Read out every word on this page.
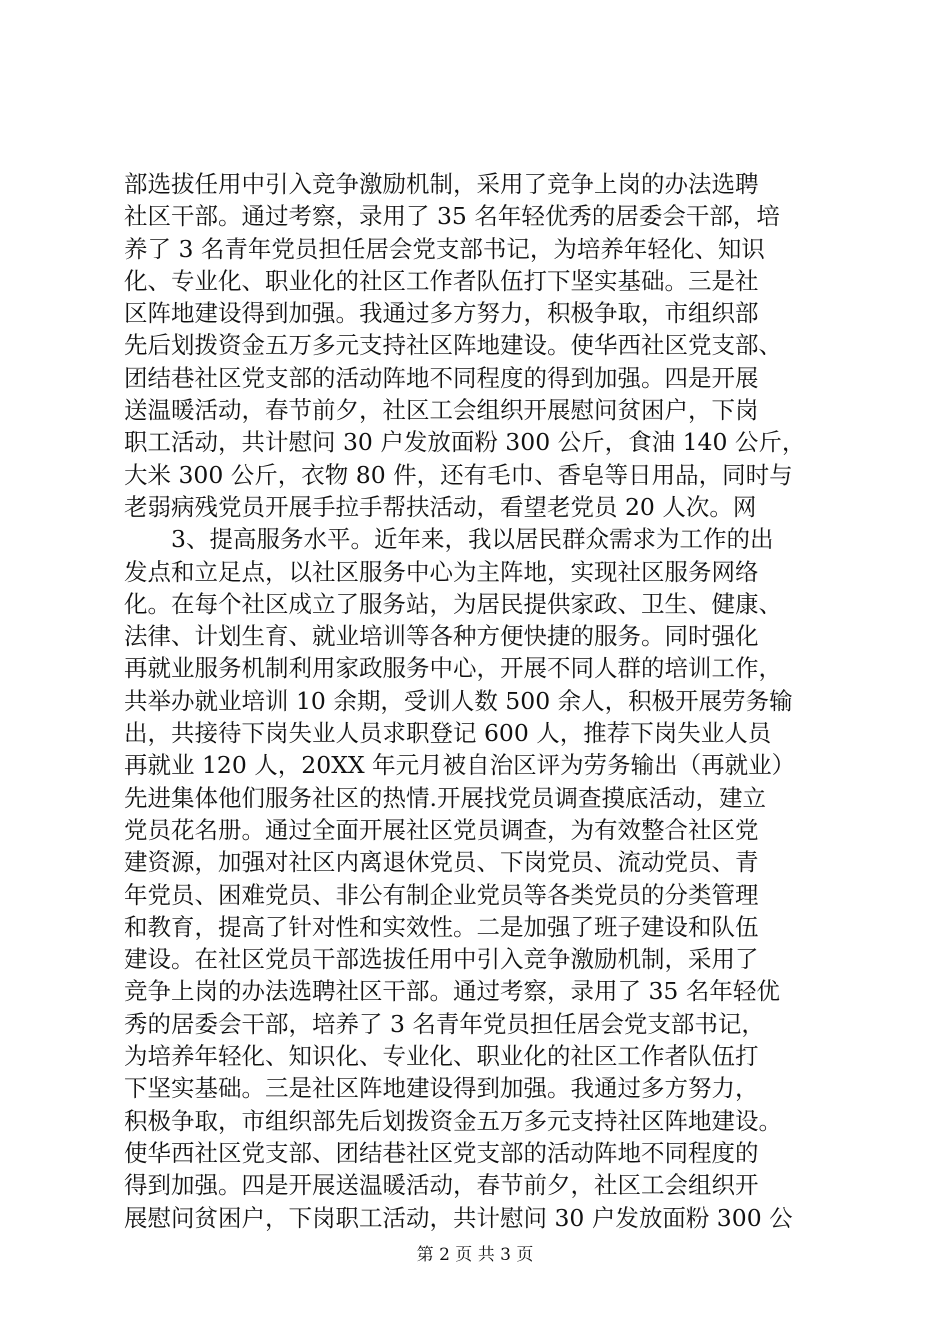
部选拔任用中引入竞争激励机制，采用了竞争上岗的办法选聘
社区干部。通过考察，录用了 35 名年轻优秀的居委会干部，培
养了 3 名青年党员担任居会党支部书记，为培养年轻化、知识
化、专业化、职业化的社区工作者队伍打下坚实基础。三是社
区阵地建设得到加强。我通过多方努力，积极争取，市组织部
先后划拨资金五万多元支持社区阵地建设。使华西社区党支部、
团结巷社区党支部的活动阵地不同程度的得到加强。四是开展
送温暖活动，春节前夕，社区工会组织开展慰问贫困户，下岗
职工活动，共计慰问 30 户发放面粉 300 公斤，食油 140 公斤，
大米 300 公斤，衣物 80 件，还有毛巾、香皂等日用品，同时与
老弱病残党员开展手拉手帮扶活动，看望老党员 20 人次。网
　　3、提高服务水平。近年来，我以居民群众需求为工作的出
发点和立足点，以社区服务中心为主阵地，实现社区服务网络
化。在每个社区成立了服务站，为居民提供家政、卫生、健康、
法律、计划生育、就业培训等各种方便快捷的服务。同时强化
再就业服务机制利用家政服务中心，开展不同人群的培训工作，
共举办就业培训 10 余期，受训人数 500 余人，积极开展劳务输
出，共接待下岗失业人员求职登记 600 人，推荐下岗失业人员
再就业 120 人，20XX 年元月被自治区评为劳务输出（再就业）
先进集体他们服务社区的热情.开展找党员调查摸底活动，建立
党员花名册。通过全面开展社区党员调查，为有效整合社区党
建资源，加强对社区内离退休党员、下岗党员、流动党员、青
年党员、困难党员、非公有制企业党员等各类党员的分类管理
和教育，提高了针对性和实效性。二是加强了班子建设和队伍
建设。在社区党员干部选拔任用中引入竞争激励机制，采用了
竞争上岗的办法选聘社区干部。通过考察，录用了 35 名年轻优
秀的居委会干部，培养了 3 名青年党员担任居会党支部书记，
为培养年轻化、知识化、专业化、职业化的社区工作者队伍打
下坚实基础。三是社区阵地建设得到加强。我通过多方努力，
积极争取，市组织部先后划拨资金五万多元支持社区阵地建设。
使华西社区党支部、团结巷社区党支部的活动阵地不同程度的
得到加强。四是开展送温暖活动，春节前夕，社区工会组织开
展慰问贫困户，下岗职工活动，共计慰问 30 户发放面粉 300 公
第 2 页 共 3 页
